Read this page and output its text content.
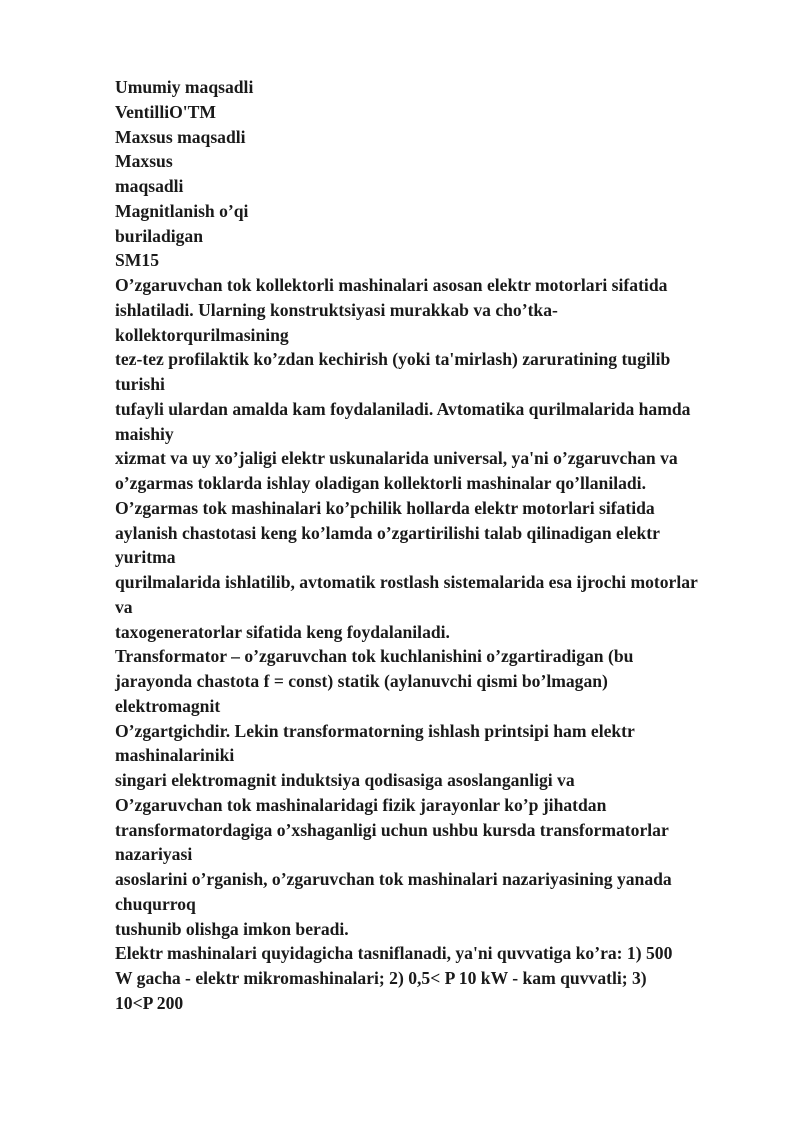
Umumiy maqsadli
VentilliO'TM
Maxsus maqsadli
Maxsus
maqsadli
Magnitlanish o’qi
buriladigan
SM15
O’zgaruvchan tok kollektorli mashinalari asosan elektr motorlari sifatida
ishlatiladi. Ularning konstruktsiyasi murakkab va cho’tka-
kollektorqurilmasining
tez-tez profilaktik ko’zdan kechirish (yoki ta'mirlash) zaruratining tugilib
turishi
tufayli ulardan amalda kam foydalaniladi. Avtomatika qurilmalarida hamda
maishiy
xizmat va uy xo’jaligi elektr uskunalarida universal, ya'ni o’zgaruvchan va
o’zgarmas toklarda ishlay oladigan kollektorli mashinalar qo’llaniladi.
O’zgarmas tok mashinalari ko’pchilik hollarda elektr motorlari sifatida
aylanish chastotasi keng ko’lamda o’zgartirilishi talab qilinadigan elektr
yuritma
qurilmalarida ishlatilib, avtomatik rostlash sistemalarida esa ijrochi motorlar
va
taxogeneratorlar sifatida keng foydalaniladi.
Transformator – o’zgaruvchan tok kuchlanishini o’zgartiradigan (bu
jarayonda chastota f = const) statik (aylanuvchi qismi bo’lmagan)
elektromagnit
O’zgartgichdir. Lekin transformatorning ishlash printsipi ham elektr
mashinalariniki
singari elektromagnit induktsiya qodisasiga asoslanganligi va
O’zgaruvchan tok mashinalaridagi fizik jarayonlar ko’p jihatdan
transformatordagiga o’xshaganligi uchun ushbu kursda transformatorlar
nazariyasi
asoslarini o’rganish, o’zgaruvchan tok mashinalari nazariyasining yanada
chuqurroq
tushunib olishga imkon beradi.
Elektr mashinalari quyidagicha tasniflanadi, ya'ni quvvatiga ko’ra: 1) 500
W gacha - elektr mikromashinalari; 2) 0,5< P 10 kW - kam quvvatli; 3)
10<P 200
